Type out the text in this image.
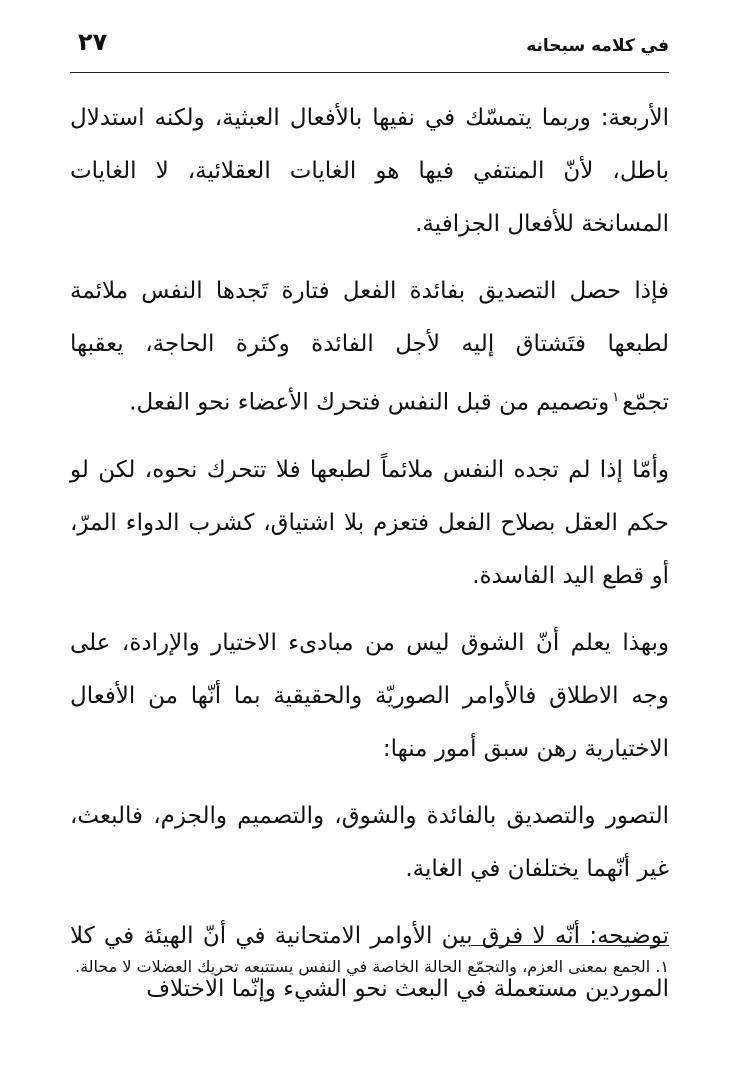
٢٧	في كلامه سبحانه

الأربعة: وربما يتمسّك في نفيها بالأفعال العبثية، ولكنه استدلال باطل، لأنّ المنتفي فيها هو الغايات العقلائية، لا الغايات المسانخة للأفعال الجزافية.

فإذا حصل التصديق بفائدة الفعل فتارة تَجدها النفس ملائمة لطبعها فتَشتاق إليه لأجل الفائدة وكثرة الحاجة، يعقبها تجمّع$^١$وتصميم من قبل النفس فتحرك الأعضاء نحو الفعل.

وأمّا إذا لم تجده النفس ملائماً لطبعها فلا تتحرك نحوه، لكن لو حكم العقل بصلاح الفعل فتعزم بلا اشتياق، كشرب الدواء المرّ، أو قطع اليد الفاسدة.

وبهذا يعلم أنّ الشوق ليس من مبادىء الاختيار والإرادة، على وجه الاطلاق فالأوامر الصوريّة والحقيقية بما أنّها من الأفعال الاختيارية رهن سبق أمور منها:

التصور والتصديق بالفائدة والشوق، والتصميم والجزم، فالبعث، غير أنّهما يختلفان في الغاية.

توضيحه: أنّه لا فرق بين الأوامر الامتحانية في أنّ الهيئة في كلا الموردين مستعملة في البعث نحو الشيء وإنّما الاختلاف

١. الجمع بمعنى العزم، والتجمّع الحالة الخاصة في النفس يستتبعه تحريك العضلات لا محالة.
